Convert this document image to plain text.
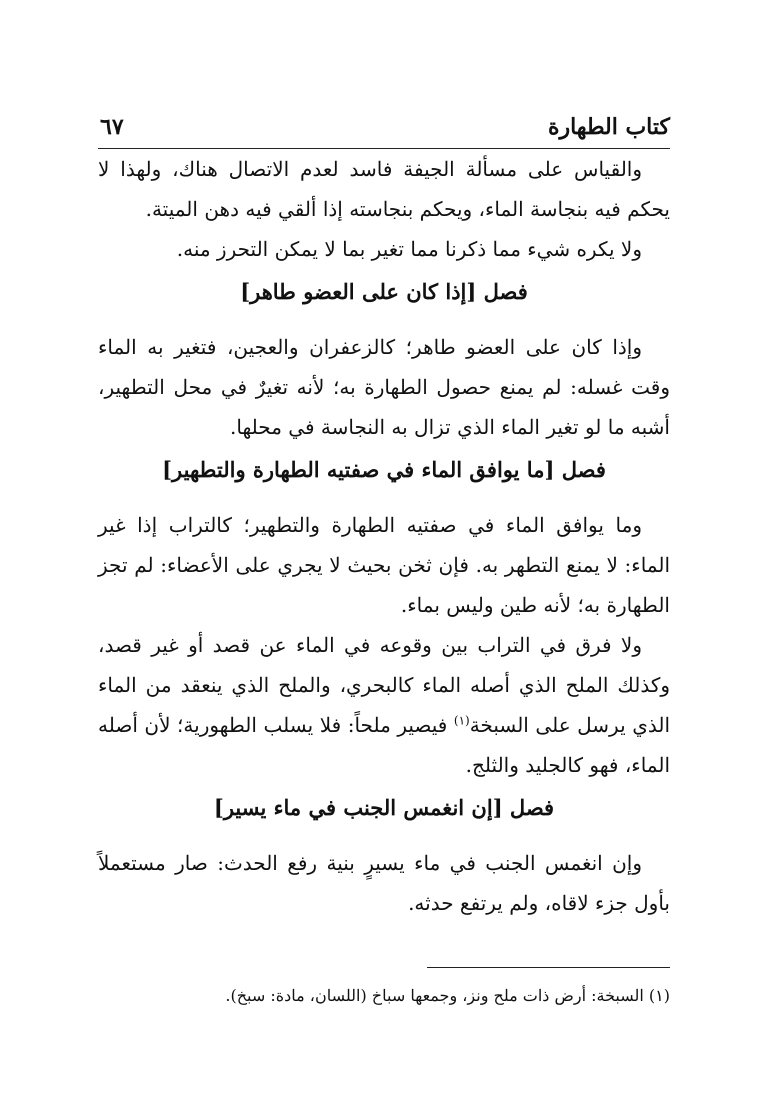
كتاب الطهارة
٦٧

والقياس على مسألة الجيفة فاسد لعدم الاتصال هناك، ولهذا لا يحكم فيه بنجاسة الماء، ويحكم بنجاسته إذا ألقي فيه دهن الميتة.

ولا يكره شيء مما ذكرنا مما تغير بما لا يمكن التحرز منه.

فصل [إذا كان على العضو طاهر]

وإذا كان على العضو طاهر؛ كالزعفران والعجين، فتغير به الماء وقت غسله: لم يمنع حصول الطهارة به؛ لأنه تغيرٌ في محل التطهير، أشبه ما لو تغير الماء الذي تزال به النجاسة في محلها.

فصل [ما يوافق الماء في صفتيه الطهارة والتطهير]

وما يوافق الماء في صفتيه الطهارة والتطهير؛ كالتراب إذا غير الماء: لا يمنع التطهر به. فإن ثخن بحيث لا يجري على الأعضاء: لم تجز الطهارة به؛ لأنه طين وليس بماء.

ولا فرق في التراب بين وقوعه في الماء عن قصد أو غير قصد، وكذلك الملح الذي أصله الماء كالبحري، والملح الذي ينعقد من الماء الذي يرسل على السبخة$^{(١)}$ فيصير ملحاً: فلا يسلب الطهورية؛ لأن أصله الماء، فهو كالجليد والثلج.

فصل [إن انغمس الجنب في ماء يسير]

وإن انغمس الجنب في ماء يسيرٍ بنية رفع الحدث: صار مستعملاً بأول جزء لاقاه، ولم يرتفع حدثه.

(١) السبخة: أرض ذات ملح ونز، وجمعها سباخ (اللسان، مادة: سبخ).
